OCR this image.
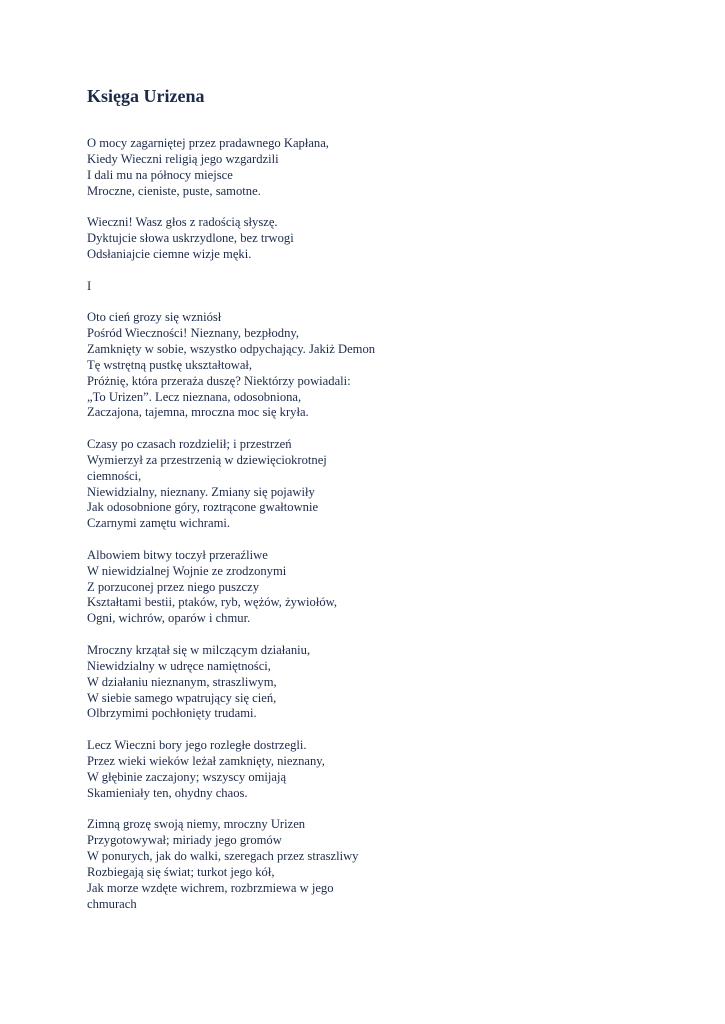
Księga Urizena

O mocy zagarniętej przez pradawnego Kapłana,
Kiedy Wieczni religią jego wzgardzili
I dali mu na północy miejsce
Mroczne, cieniste, puste, samotne.

Wieczni! Wasz głos z radością słyszę.
Dyktujcie słowa uskrzydlone, bez trwogi
Odsłaniajcie ciemne wizje męki.

I

Oto cień grozy się wzniósł
Pośród Wieczności! Nieznany, bezpłodny,
Zamknięty w sobie, wszystko odpychający. Jakiż Demon
Tę wstrętną pustkę ukształtował,
Próżnię, która przeraża duszę? Niektórzy powiadali:
„To Urizen”. Lecz nieznana, odosobniona,
Zaczajona, tajemna, mroczna moc się kryła.

Czasy po czasach rozdzielił; i przestrzeń
Wymierzył za przestrzenią w dziewięciokrotnej
ciemności,
Niewidzialny, nieznany. Zmiany się pojawiły
Jak odosobnione góry, roztrącone gwałtownie
Czarnymi zamętu wichrami.

Albowiem bitwy toczył przeraźliwe
W niewidzialnej Wojnie ze zrodzonymi
Z porzuconej przez niego puszczy
Kształtami bestii, ptaków, ryb, wężów, żywiołów,
Ogni, wichrów, oparów i chmur.

Mroczny krzątał się w milczącym działaniu,
Niewidzialny w udręce namiętności,
W działaniu nieznanym, straszliwym,
W siebie samego wpatrujący się cień,
Olbrzymimi pochłonięty trudami.

Lecz Wieczni bory jego rozległe dostrzegli.
Przez wieki wieków leżał zamknięty, nieznany,
W głębinie zaczajony; wszyscy omijają
Skamieniały ten, ohydny chaos.

Zimną grozę swoją niemy, mroczny Urizen
Przygotowywał; miriady jego gromów
W ponurych, jak do walki, szeregach przez straszliwy
Rozbiegają się świat; turkot jego kół,
Jak morze wzdęte wichrem, rozbrzmiewa w jego
chmurach
